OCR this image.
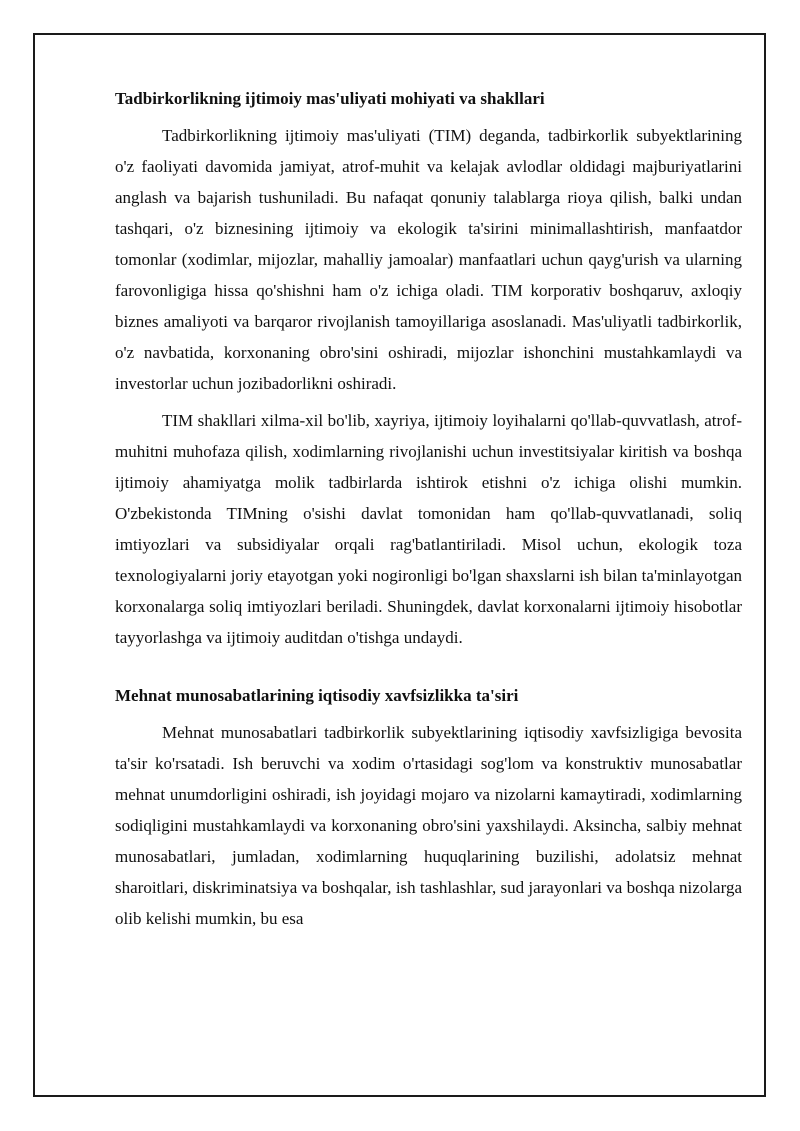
Tadbirkorlikning ijtimoiy mas'uliyati mohiyati va shakllari

Tadbirkorlikning ijtimoiy mas'uliyati (TIM) deganda, tadbirkorlik subyektlarining o'z faoliyati davomida jamiyat, atrof-muhit va kelajak avlodlar oldidagi majburiyatlarini anglash va bajarish tushuniladi. Bu nafaqat qonuniy talablarga rioya qilish, balki undan tashqari, o'z biznesining ijtimoiy va ekologik ta'sirini minimallashtirish, manfaatdor tomonlar (xodimlar, mijozlar, mahalliy jamoalar) manfaatlari uchun qayg'urish va ularning farovonligiga hissa qo'shishni ham o'z ichiga oladi. TIM korporativ boshqaruv, axloqiy biznes amaliyoti va barqaror rivojlanish tamoyillariga asoslanadi. Mas'uliyatli tadbirkorlik, o'z navbatida, korxonaning obro'sini oshiradi, mijozlar ishonchini mustahkamlaydi va investorlar uchun jozibadorlikni oshiradi.

TIM shakllari xilma-xil bo'lib, xayriya, ijtimoiy loyihalarni qo'llab-quvvatlash, atrof-muhitni muhofaza qilish, xodimlarning rivojlanishi uchun investitsiyalar kiritish va boshqa ijtimoiy ahamiyatga molik tadbirlarda ishtirok etishni o'z ichiga olishi mumkin. O'zbekistonda TIMning o'sishi davlat tomonidan ham qo'llab-quvvatlanadi, soliq imtiyozlari va subsidiyalar orqali rag'batlantiriladi. Misol uchun, ekologik toza texnologiyalarni joriy etayotgan yoki nogironligi bo'lgan shaxslarni ish bilan ta'minlayotgan korxonalarga soliq imtiyozlari beriladi. Shuningdek, davlat korxonalarni ijtimoiy hisobotlar tayyorlashga va ijtimoiy auditdan o'tishga undaydi.

Mehnat munosabatlarining iqtisodiy xavfsizlikka ta'siri

Mehnat munosabatlari tadbirkorlik subyektlarining iqtisodiy xavfsizligiga bevosita ta'sir ko'rsatadi. Ish beruvchi va xodim o'rtasidagi sog'lom va konstruktiv munosabatlar mehnat unumdorligini oshiradi, ish joyidagi mojaro va nizolarni kamaytiradi, xodimlarning sodiqligini mustahkamlaydi va korxonaning obro'sini yaxshilaydi. Aksincha, salbiy mehnat munosabatlari, jumladan, xodimlarning huquqlarining buzilishi, adolatsiz mehnat sharoitlari, diskriminatsiya va boshqalar, ish tashlashlar, sud jarayonlari va boshqa nizolarga olib kelishi mumkin, bu esa
